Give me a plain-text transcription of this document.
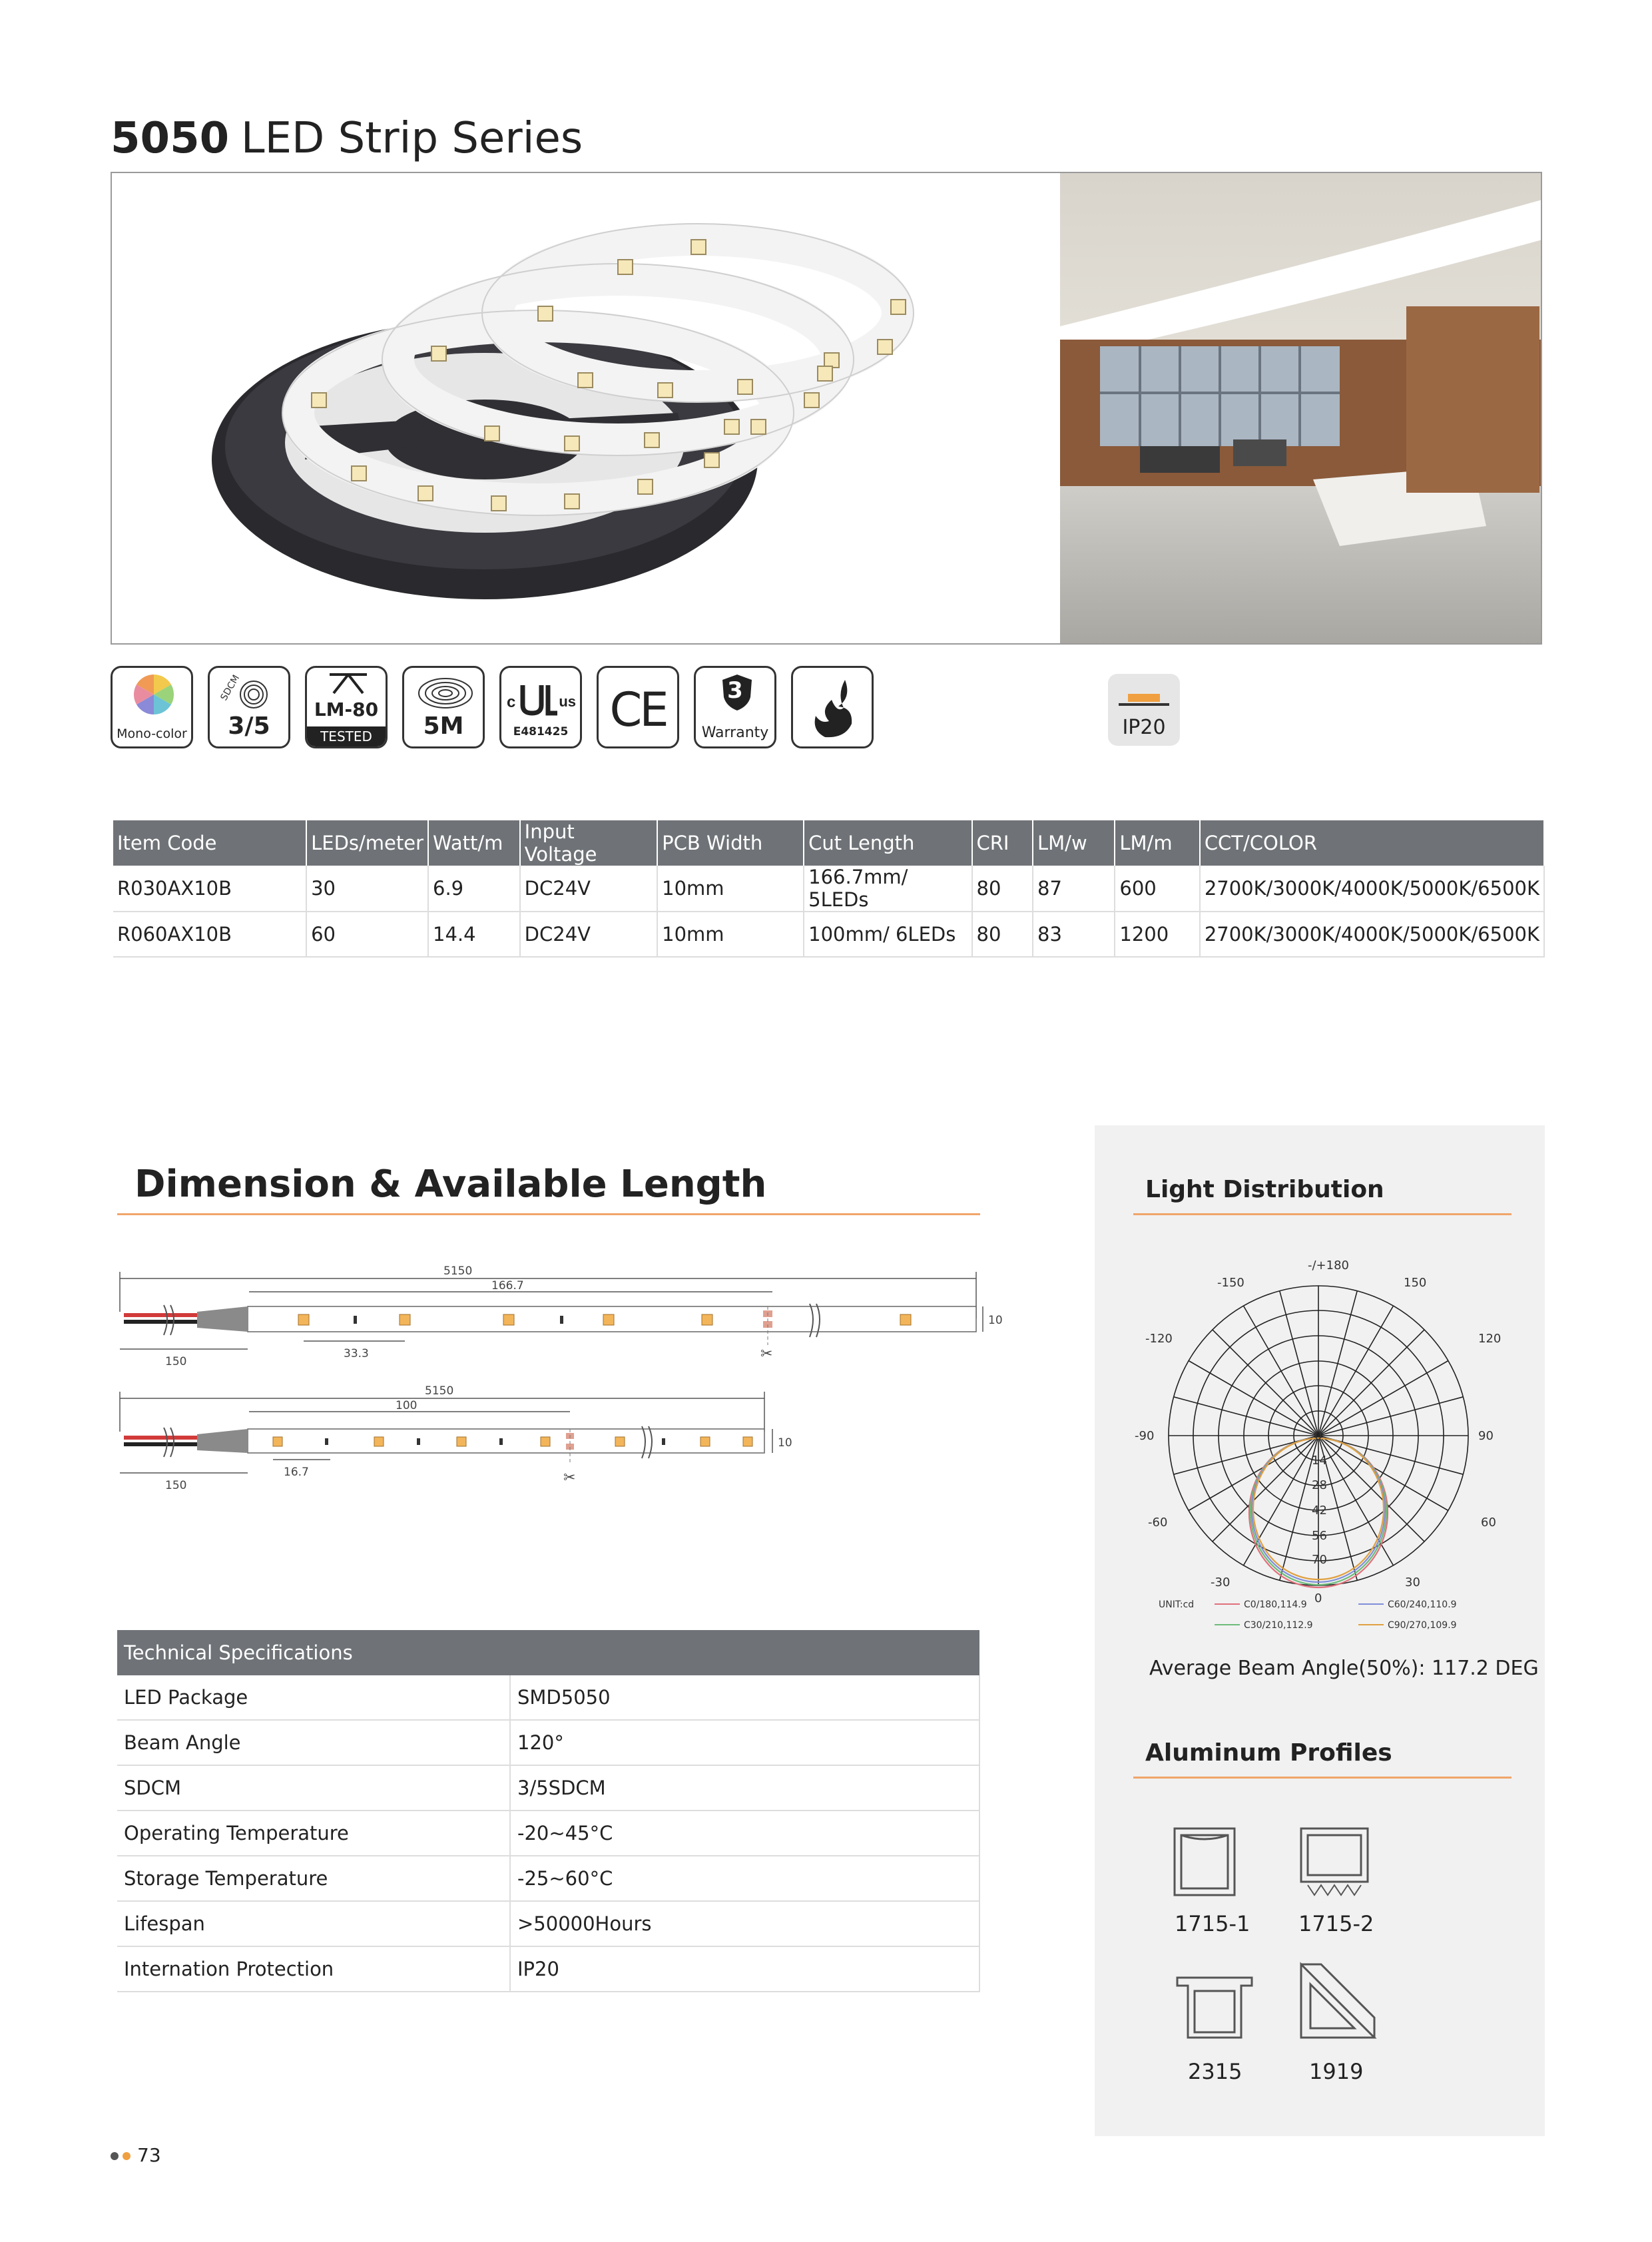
5050 LED Strip Series
Mono-color
SDCM
3/5
LM-80
TESTED	5M
c	us
E481425 CE	3
Warranty	IP20
Item Code	LEDs/meter	Watt/m	Input Voltage	PCB Width	Cut Length	CRI	LM/w	LM/m	CCT/COLOR
R030AX10B	30	6.9	DC24V	10mm	166.7mm/ 5LEDs	80	87	600	2700K/3000K/4000K/5000K/6500K
R060AX10B	60	14.4	DC24V	10mm	100mm/ 6LEDs	80	83	1200	2700K/3000K/4000K/5000K/6500K
Dimension & Available Length
5150
166.7
150
33.3
10
✂
5150
100
150
16.7
10
✂
Technical Specifications	
LED Package	SMD5050
Beam Angle	120°
SDCM	3/5SDCM
Operating Temperature	-20~45°C
Storage Temperature	-25~60°C
Lifespan	>50000Hours
Internation Protection	IP20
Light Distribution
-/+180
-150	150
-120	120
-90	90
-60	60
-30	30
0
0
14
28
42
56
70
UNIT:cd	C0/180,114.9	C60/240,110.9
C30/210,112.9	C90/270,109.9
Average Beam Angle(50%): 117.2 DEG
Aluminum Profiles
1715-1 1715-2
2315	1919
73
